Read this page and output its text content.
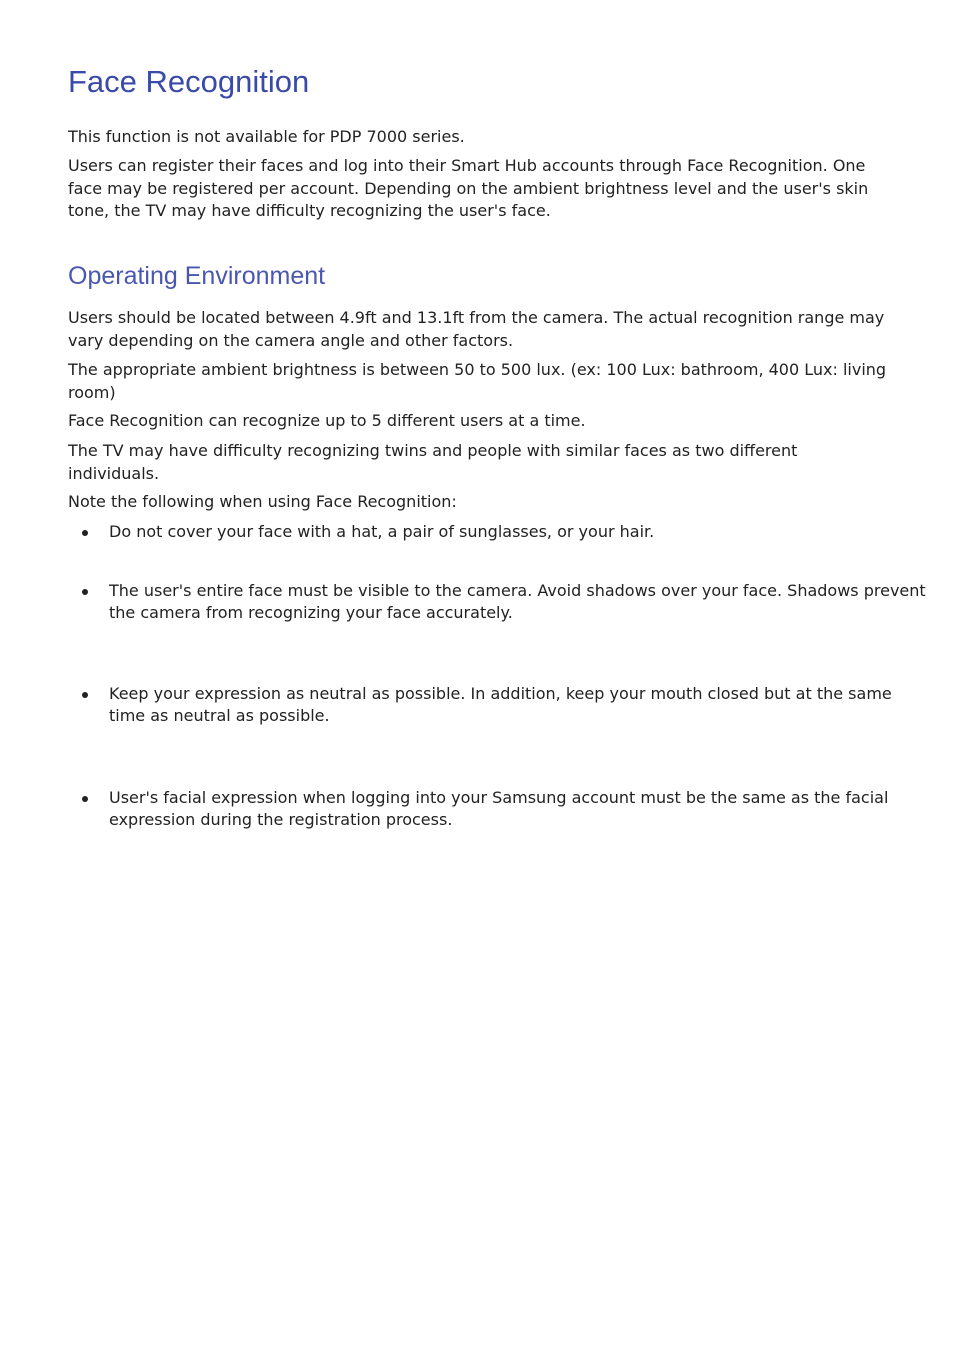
Face Recognition

This function is not available for PDP 7000 series.

Users can register their faces and log into their Smart Hub accounts through Face Recognition. One face may be registered per account. Depending on the ambient brightness level and the user's skin tone, the TV may have difficulty recognizing the user's face.

Operating Environment

Users should be located between 4.9ft and 13.1ft from the camera. The actual recognition range may vary depending on the camera angle and other factors.

The appropriate ambient brightness is between 50 to 500 lux. (ex: 100 Lux: bathroom, 400 Lux: living room)

Face Recognition can recognize up to 5 different users at a time.

The TV may have difficulty recognizing twins and people with similar faces as two different individuals.

Note the following when using Face Recognition:

Do not cover your face with a hat, a pair of sunglasses, or your hair.
The user's entire face must be visible to the camera. Avoid shadows over your face. Shadows prevent the camera from recognizing your face accurately.
Keep your expression as neutral as possible. In addition, keep your mouth closed but at the same time as neutral as possible.
User's facial expression when logging into your Samsung account must be the same as the facial expression during the registration process.
